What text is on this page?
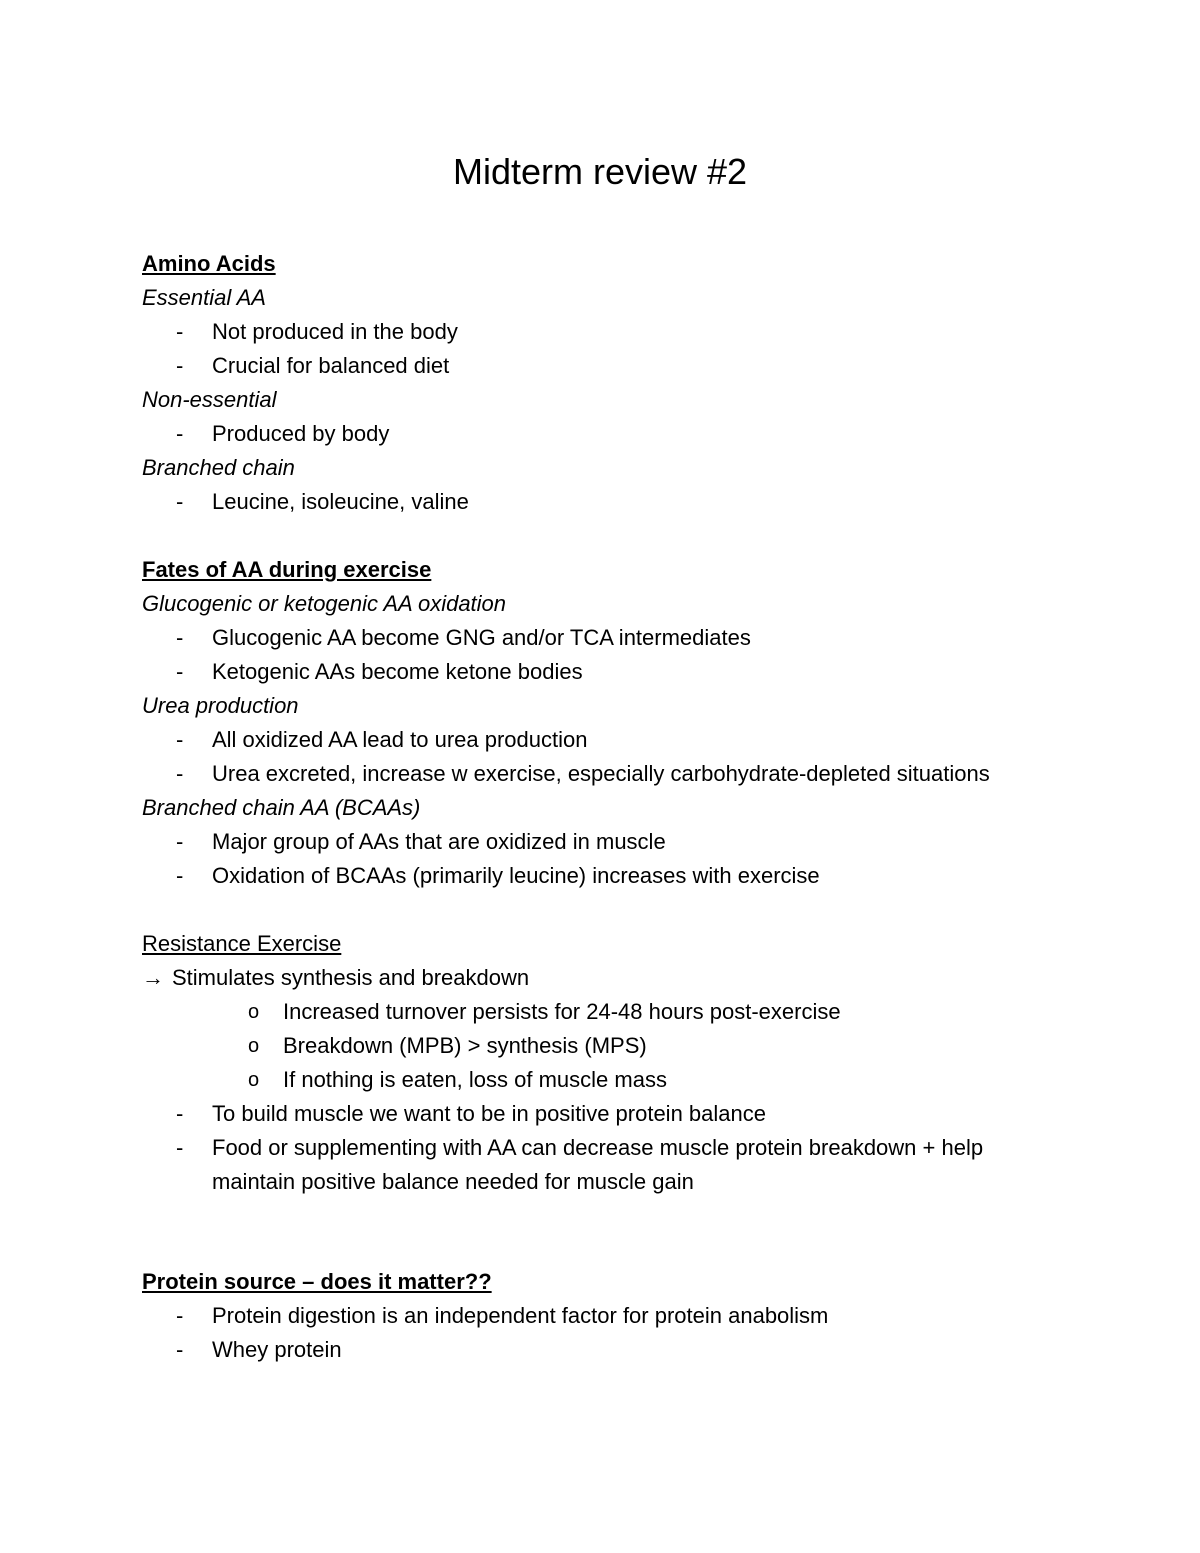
Midterm review #2
Amino Acids
Essential AA
- Not produced in the body
- Crucial for balanced diet
Non-essential
- Produced by body
Branched chain
- Leucine, isoleucine, valine
Fates of AA during exercise
Glucogenic or ketogenic AA oxidation
- Glucogenic AA become GNG and/or TCA intermediates
- Ketogenic AAs become ketone bodies
Urea production
- All oxidized AA lead to urea production
- Urea excreted, increase w exercise, especially carbohydrate-depleted situations
Branched chain AA (BCAAs)
- Major group of AAs that are oxidized in muscle
- Oxidation of BCAAs (primarily leucine) increases with exercise
Resistance Exercise
→ Stimulates synthesis and breakdown
o Increased turnover persists for 24-48 hours post-exercise
o Breakdown (MPB) > synthesis (MPS)
o If nothing is eaten, loss of muscle mass
- To build muscle we want to be in positive protein balance
- Food or supplementing with AA can decrease muscle protein breakdown + help maintain positive balance needed for muscle gain
Protein source – does it matter??
- Protein digestion is an independent factor for protein anabolism
- Whey protein
